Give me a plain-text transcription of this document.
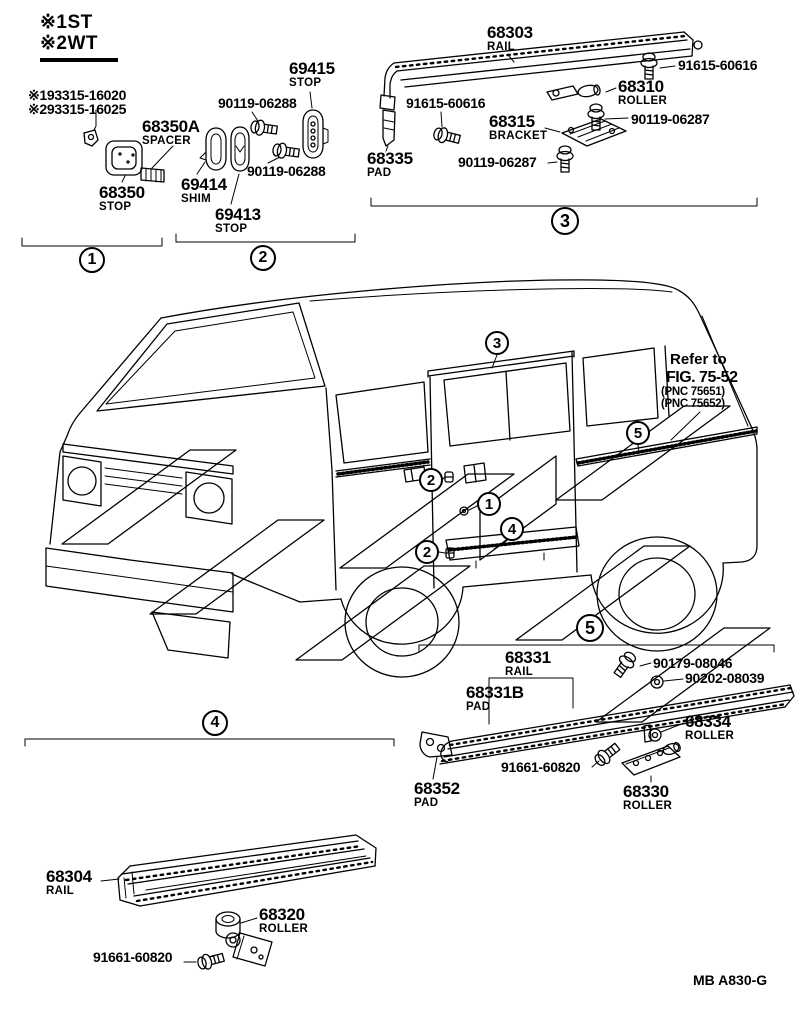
※1ST
※2WT
Refer to
FIG. 75-52
(PNC 75651)
(PNC 75652)
※193315-16020
※293315-16025
68350A
SPACER
68350
STOP
69414
SHIM
69413
STOP
69415
STOP
90119-06288
90119-06288
68303
RAIL
91615-60616
68310
ROLLER
91615-60616
68315
BRACKET
90119-06287
68335
PAD
90119-06287
68331
RAIL
90179-08046
90202-08039
68331B
PAD
68334
ROLLER
91661-60820
68352
PAD
68330
ROLLER
68304
RAIL
68320
ROLLER
91661-60820
1	2
3
3
2
1
4
2
5
5
4
MB A830-G
